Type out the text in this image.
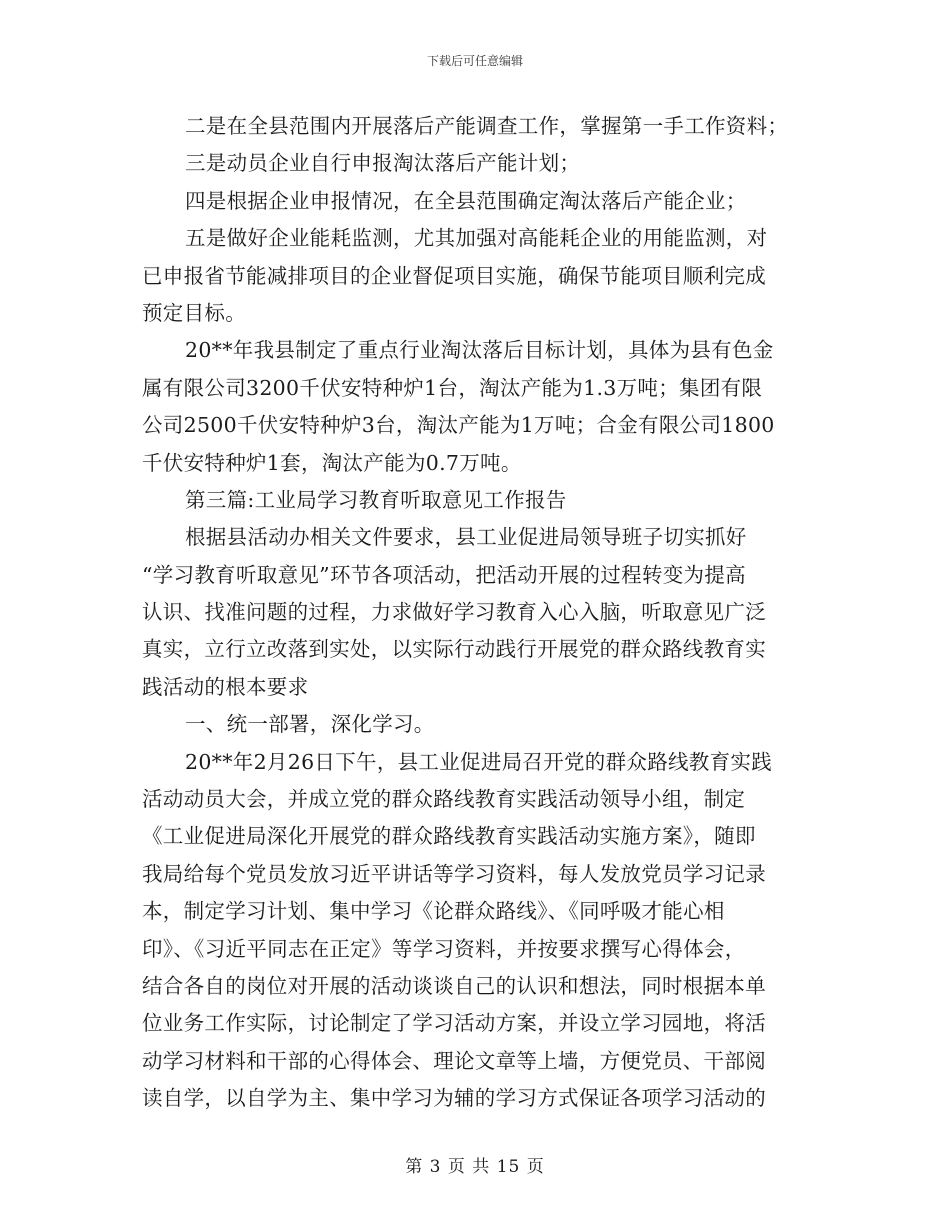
下载后可任意编辑
二是在全县范围内开展落后产能调查工作，掌握第一手工作资料；
三是动员企业自行申报淘汰落后产能计划；
四是根据企业申报情况，在全县范围确定淘汰落后产能企业；
五是做好企业能耗监测，尤其加强对高能耗企业的用能监测，对
已申报省节能减排项目的企业督促项目实施，确保节能项目顺利完成
预定目标。
20**年我县制定了重点行业淘汰落后目标计划，具体为县有色金
属有限公司3200千伏安特种炉1台，淘汰产能为1.3万吨；集团有限
公司2500千伏安特种炉3台，淘汰产能为1万吨；合金有限公司1800
千伏安特种炉1套，淘汰产能为0.7万吨。
第三篇:工业局学习教育听取意见工作报告
根据县活动办相关文件要求，县工业促进局领导班子切实抓好
“学习教育听取意见”环节各项活动，把活动开展的过程转变为提高
认识、找准问题的过程，力求做好学习教育入心入脑，听取意见广泛
真实，立行立改落到实处，以实际行动践行开展党的群众路线教育实
践活动的根本要求
一、统一部署，深化学习。
20**年2月26日下午，县工业促进局召开党的群众路线教育实践
活动动员大会，并成立党的群众路线教育实践活动领导小组，制定
《工业促进局深化开展党的群众路线教育实践活动实施方案》，随即
我局给每个党员发放习近平讲话等学习资料，每人发放党员学习记录
本，制定学习计划、集中学习《论群众路线》、《同呼吸才能心相
印》、《习近平同志在正定》等学习资料，并按要求撰写心得体会，
结合各自的岗位对开展的活动谈谈自己的认识和想法，同时根据本单
位业务工作实际，讨论制定了学习活动方案，并设立学习园地，将活
动学习材料和干部的心得体会、理论文章等上墙，方便党员、干部阅
读自学，以自学为主、集中学习为辅的学习方式保证各项学习活动的
第 3 页 共 15 页
